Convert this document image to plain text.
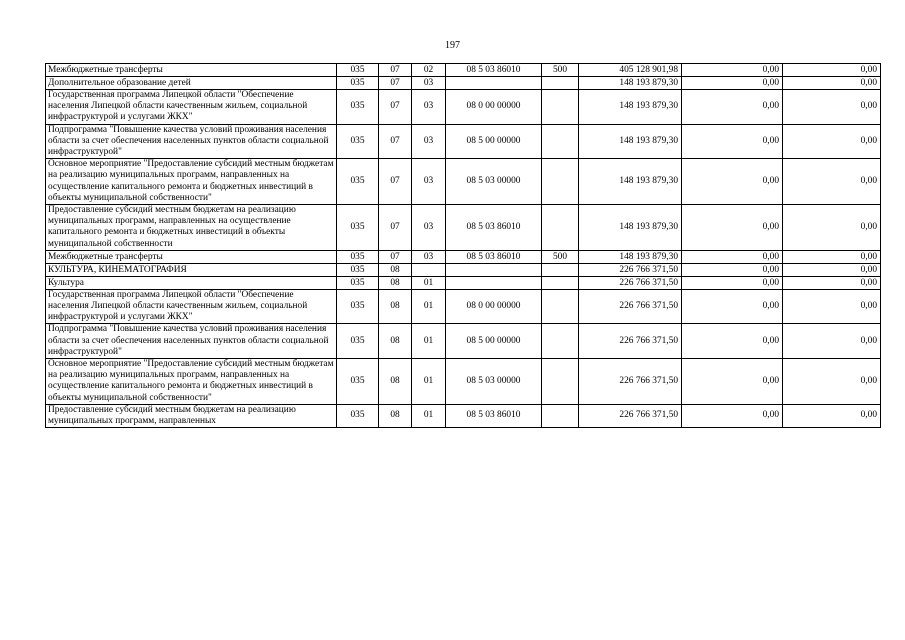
197
Межбюджетные трансферты	035	07	02	08 5 03 86010	500	405 128 901,98	0,00	0,00
Дополнительное образование детей	035	07	03			148 193 879,30	0,00	0,00
Государственная программа Липецкой области "Обеспечение населения Липецкой области качественным жильем, социальной инфраструктурой и услугами ЖКХ"	035	07	03	08 0 00 00000		148 193 879,30	0,00	0,00
Подпрограмма "Повышение качества условий проживания населения области за счет обеспечения населенных пунктов области социальной инфраструктурой"	035	07	03	08 5 00 00000		148 193 879,30	0,00	0,00
Основное мероприятие "Предоставление субсидий местным бюджетам на реализацию муниципальных программ, направленных на осуществление капитального ремонта и бюджетных инвестиций в объекты муниципальной собственности"	035	07	03	08 5 03 00000		148 193 879,30	0,00	0,00
Предоставление субсидий местным бюджетам на реализацию муниципальных программ, направленных на осуществление капитального ремонта и бюджетных инвестиций в объекты муниципальной собственности	035	07	03	08 5 03 86010		148 193 879,30	0,00	0,00
Межбюджетные трансферты	035	07	03	08 5 03 86010	500	148 193 879,30	0,00	0,00
КУЛЬТУРА, КИНЕМАТОГРАФИЯ	035	08				226 766 371,50	0,00	0,00
Культура	035	08	01			226 766 371,50	0,00	0,00
Государственная программа Липецкой области "Обеспечение населения Липецкой области качественным жильем, социальной инфраструктурой и услугами ЖКХ"	035	08	01	08 0 00 00000		226 766 371,50	0,00	0,00
Подпрограмма "Повышение качества условий проживания населения области за счет обеспечения населенных пунктов области социальной инфраструктурой"	035	08	01	08 5 00 00000		226 766 371,50	0,00	0,00
Основное мероприятие "Предоставление субсидий местным бюджетам на реализацию муниципальных программ, направленных на осуществление капитального ремонта и бюджетных инвестиций в объекты муниципальной собственности"	035	08	01	08 5 03 00000		226 766 371,50	0,00	0,00
Предоставление субсидий местным бюджетам на реализацию муниципальных программ, направленных	035	08	01	08 5 03 86010		226 766 371,50	0,00	0,00
